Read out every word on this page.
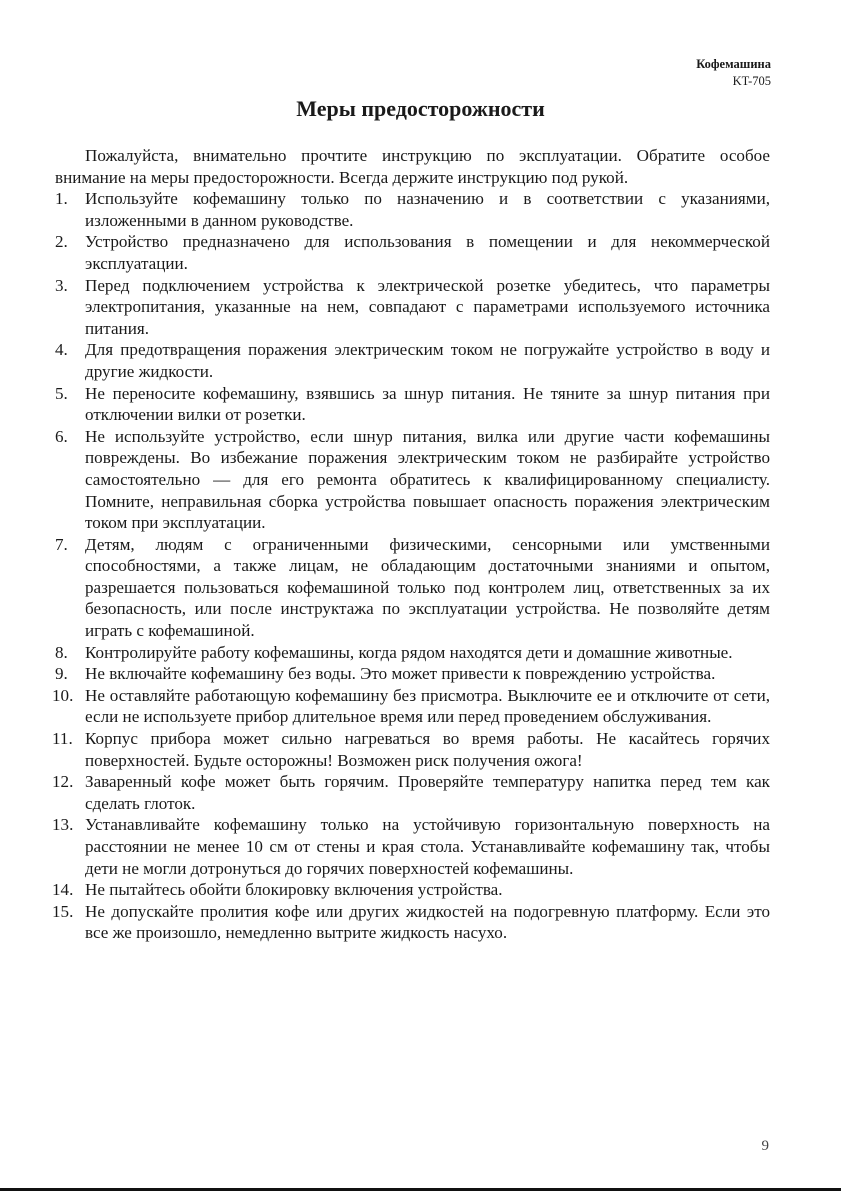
Кофемашина
KT-705
Меры предосторожности

Пожалуйста, внимательно прочтите инструкцию по эксплуатации. Обратите особое внимание на меры предосторожности. Всегда держите инструкцию под рукой.

1. Используйте кофемашину только по назначению и в соответствии с указаниями, изложенными в данном руководстве.
2. Устройство предназначено для использования в помещении и для некоммерческой эксплуатации.
3. Перед подключением устройства к электрической розетке убедитесь, что параметры электропитания, указанные на нем, совпадают с параметрами используемого источника питания.
4. Для предотвращения поражения электрическим током не погружайте устройство в воду и другие жидкости.
5. Не переносите кофемашину, взявшись за шнур питания. Не тяните за шнур питания при отключении вилки от розетки.
6. Не используйте устройство, если шнур питания, вилка или другие части кофемашины повреждены. Во избежание поражения электрическим током не разбирайте устройство самостоятельно — для его ремонта обратитесь к квалифицированному специалисту. Помните, неправильная сборка устройства повышает опасность поражения электрическим током при эксплуатации.
7. Детям, людям с ограниченными физическими, сенсорными или умственными способностями, а также лицам, не обладающим достаточными знаниями и опытом, разрешается пользоваться кофемашиной только под контролем лиц, ответственных за их безопасность, или после инструктажа по эксплуатации устройства. Не позволяйте детям играть с кофемашиной.
8. Контролируйте работу кофемашины, когда рядом находятся дети и домашние животные.
9. Не включайте кофемашину без воды. Это может привести к повреждению устройства.
10. Не оставляйте работающую кофемашину без присмотра. Выключите ее и отключите от сети, если не используете прибор длительное время или перед проведением обслуживания.
11. Корпус прибора может сильно нагреваться во время работы. Не касайтесь горячих поверхностей. Будьте осторожны! Возможен риск получения ожога!
12. Заваренный кофе может быть горячим. Проверяйте температуру напитка перед тем как сделать глоток.
13. Устанавливайте кофемашину только на устойчивую горизонтальную поверхность на расстоянии не менее 10 см от стены и края стола. Устанавливайте кофемашину так, чтобы дети не могли дотронуться до горячих поверхностей кофемашины.
14. Не пытайтесь обойти блокировку включения устройства.
15. Не допускайте пролития кофе или других жидкостей на подогревную платформу. Если это все же произошло, немедленно вытрите жидкость насухо.
9
